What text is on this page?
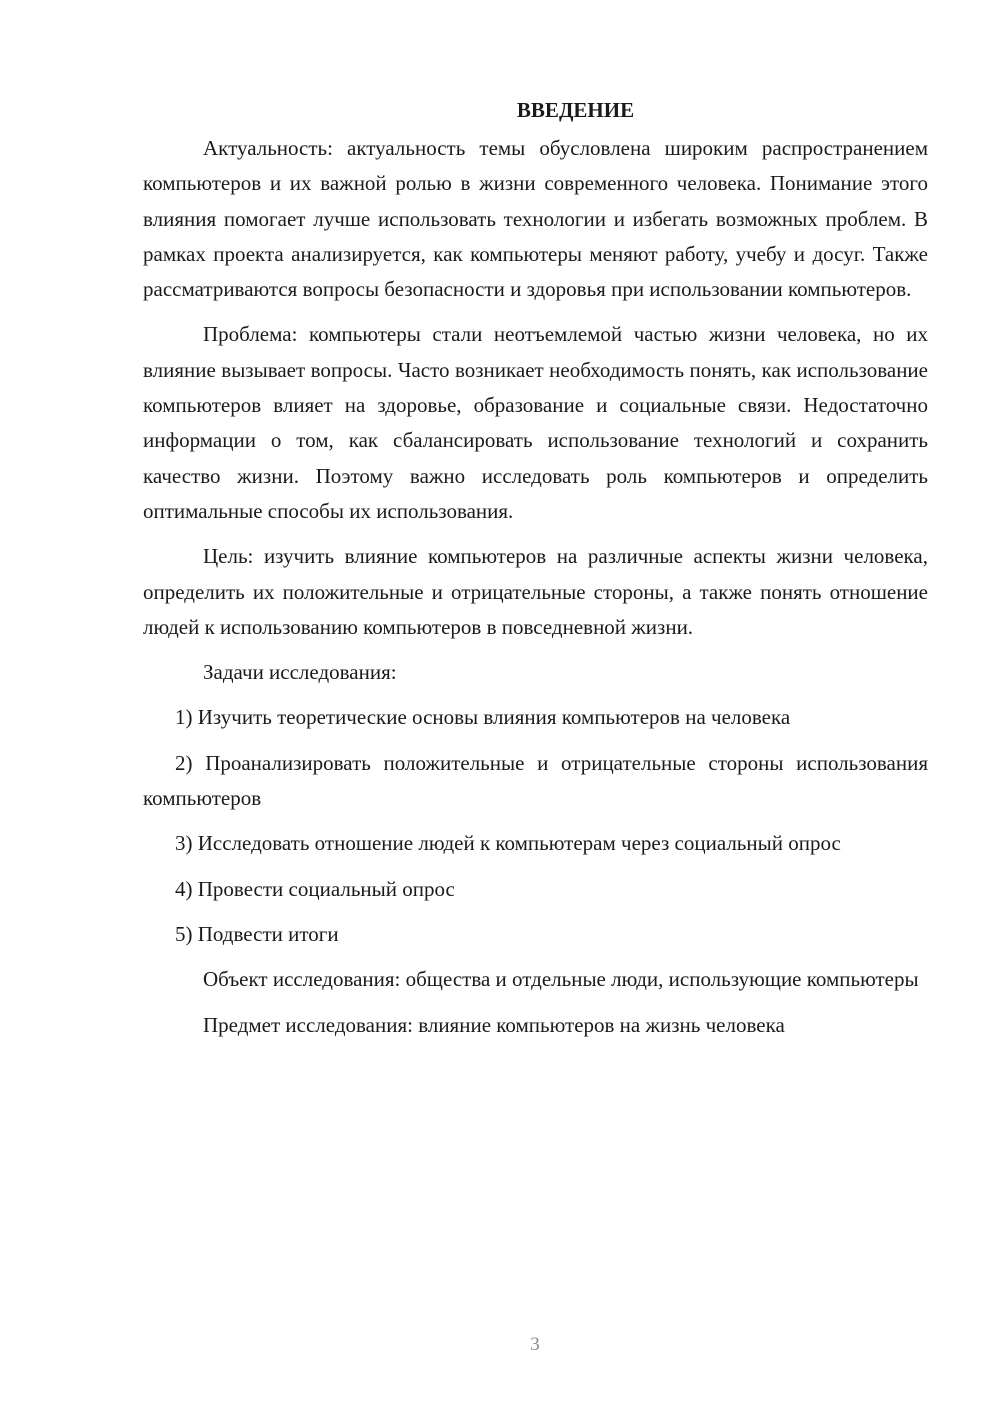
ВВЕДЕНИЕ

Актуальность: актуальность темы обусловлена широким распространением компьютеров и их важной ролью в жизни современного человека. Понимание этого влияния помогает лучше использовать технологии и избегать возможных проблем. В рамках проекта анализируется, как компьютеры меняют работу, учебу и досуг. Также рассматриваются вопросы безопасности и здоровья при использовании компьютеров.

Проблема: компьютеры стали неотъемлемой частью жизни человека, но их влияние вызывает вопросы. Часто возникает необходимость понять, как использование компьютеров влияет на здоровье, образование и социальные связи. Недостаточно информации о том, как сбалансировать использование технологий и сохранить качество жизни. Поэтому важно исследовать роль компьютеров и определить оптимальные способы их использования.

Цель: изучить влияние компьютеров на различные аспекты жизни человека, определить их положительные и отрицательные стороны, а также понять отношение людей к использованию компьютеров в повседневной жизни.

Задачи исследования:

1) Изучить теоретические основы влияния компьютеров на человека

2) Проанализировать положительные и отрицательные стороны использования компьютеров

3) Исследовать отношение людей к компьютерам через социальный опрос

4) Провести социальный опрос

5) Подвести итоги

Объект исследования: общества и отдельные люди, использующие компьютеры

Предмет исследования: влияние компьютеров на жизнь человека

3
